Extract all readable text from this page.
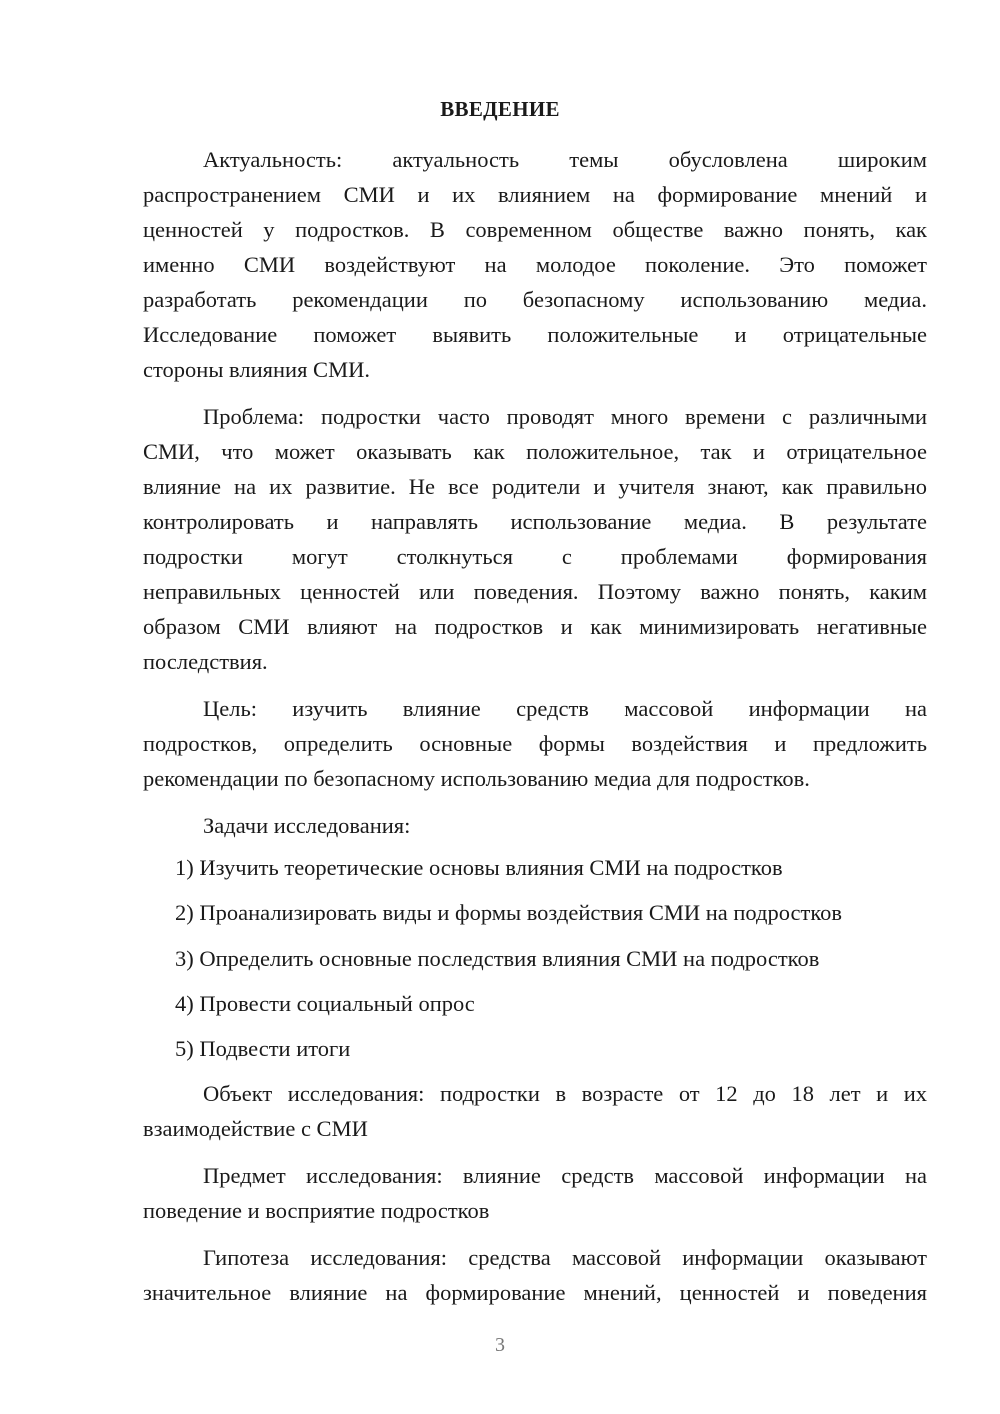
ВВЕДЕНИЕ
Актуальность: актуальность темы обусловлена широким
распространением СМИ и их влиянием на формирование мнений и
ценностей у подростков. В современном обществе важно понять, как
именно СМИ воздействуют на молодое поколение. Это поможет
разработать рекомендации по безопасному использованию медиа.
Исследование поможет выявить положительные и отрицательные
стороны влияния СМИ.
Проблема: подростки часто проводят много времени с различными
СМИ, что может оказывать как положительное, так и отрицательное
влияние на их развитие. Не все родители и учителя знают, как правильно
контролировать и направлять использование медиа. В результате
подростки могут столкнуться с проблемами формирования
неправильных ценностей или поведения. Поэтому важно понять, каким
образом СМИ влияют на подростков и как минимизировать негативные
последствия.
Цель: изучить влияние средств массовой информации на
подростков, определить основные формы воздействия и предложить
рекомендации по безопасному использованию медиа для подростков.
Задачи исследования:
1) Изучить теоретические основы влияния СМИ на подростков
2) Проанализировать виды и формы воздействия СМИ на подростков
3) Определить основные последствия влияния СМИ на подростков
4) Провести социальный опрос
5) Подвести итоги
Объект исследования: подростки в возрасте от 12 до 18 лет и их
взаимодействие с СМИ
Предмет исследования: влияние средств массовой информации на
поведение и восприятие подростков
Гипотеза исследования: средства массовой информации оказывают
значительное влияние на формирование мнений, ценностей и поведения
3
